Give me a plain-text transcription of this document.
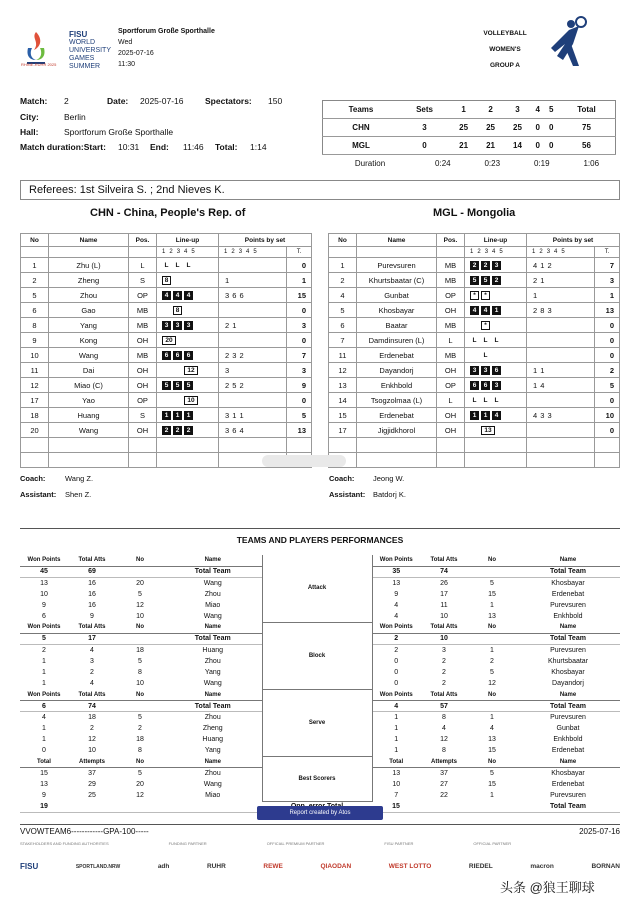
RHINE-RUHR 2025
FISU
WORLD
UNIVERSITY
GAMES
SUMMER
Sportforum Große Sporthalle
Wed
2025-07-16
11:30
VOLLEYBALL
WOMEN'S
GROUP A
Match: 2	Date: 2025-07-16	Spectators: 150
City:	Berlin
Hall:	Sportforum Große Sporthalle
Match duration:Start: 10:31 End: 11:46 Total: 1:14
Teams	Sets	1	2	3	4	5	Total
CHN	3	25	25	25	0	0	75
MGL	0	21	21	14	0	0	56
Duration		0:24	0:23	0:19			1:06
Referees: 1st Silveira S. ; 2nd Nieves K.
CHN - China, People's Rep. of	MGL - Mongolia
No	Name	Pos.	Line-up	Points by set	
			12345	12345	T.
1	Zhu (L)	L	L L L		0
2	Zheng	S	8	1	1
5	Zhou	OP	4 4 4	3 6 6	15
6	Gao	MB	8		0
8	Yang	MB	3 3 3	2 1	3
9	Kong	OH	20		0
10	Wang	MB	6 6 6	2 3 2	7
11	Dai	OH	12	3	3
12	Miao (C)	OH	5 5 5	2 5 2	9
17	Yao	OP	10		0
18	Huang	S	1 1 1	3 1 1	5
20	Wang	OH	2 2 2	3 6 4	13

No	Name	Pos.	Line-up	Points by set	
			12345	12345	T.
1	Purevsuren	MB	2 2 3	4 1 2	7
2	Khurtsbaatar (C)	MB	5 5 2	2 1	3
4	Gunbat	OP	* *	1	1
5	Khosbayar	OH	4 4 1	2 8 3	13
6	Baatar	MB	*		0
7	Damdinsuren (L)	L	L L L		0
11	Erdenebat	MB	L		0
12	Dayandorj	OH	3 3 6	1 1	2
13	Enkhbold	OP	6 6 3	1 4	5
14	Tsogzolmaa (L)	L	L L L		0
15	Erdenebat	OH	1 1 4	4 3 3	10
17	Jigjidkhorol	OH	13		0

Coach:	Wang Z.
Assistant: Shen Z.
Coach: Jeong W.
Assistant: Batdorj K.
TEAMS AND PLAYERS PERFORMANCES
Won Points	Total Atts	No	Name	Attack	Won Points	Total Atts	No	Name
45	69		Total Team		35	74		Total Team
13	16	20	Wang		13	26	5	Khosbayar
10	16	5	Zhou		9	17	15	Erdenebat
9	16	12	Miao		4	11	1	Purevsuren
6	9	10	Wang		4	10	13	Enkhbold
Won Points	Total Atts	No	Name	Block	Won Points	Total Atts	No	Name
5	17		Total Team		2	10		Total Team
2	4	18	Huang		2	3	1	Purevsuren
1	3	5	Zhou		0	2	2	Khurtsbaatar
1	2	8	Yang		0	2	5	Khosbayar
1	4	10	Wang		0	2	12	Dayandorj
Won Points	Total Atts	No	Name	Serve	Won Points	Total Atts	No	Name
6	74		Total Team		4	57		Total Team
4	18	5	Zhou		1	8	1	Purevsuren
1	2	2	Zheng		1	4	4	Gunbat
1	12	18	Huang		1	12	13	Enkhbold
0	10	8	Yang		1	8	15	Erdenebat
Total	Attempts	No	Name	Best Scorers	Total	Attempts	No	Name
15	37	5	Zhou		13	37	5	Khosbayar
13	29	20	Wang		10	27	15	Erdenebat
9	25	12	Miao		7	22	1	Purevsuren
19					15			Total Team
Report created by Atos
VVOWTEAM6------------GPA-100-----	2025-07-16
STAKEHOLDERS AND FUNDING AUTHORITIES	FUNDING PARTNER	OFFICIAL PREMIUM PARTNER	FISU PARTNER	OFFICIAL PARTNER
FISU	SPORTLAND.NRW	adh	RUHR	REWE	QIAODAN	WEST LOTTO	RIEDEL	macron	BORNAN
头条 @狼王聊球
